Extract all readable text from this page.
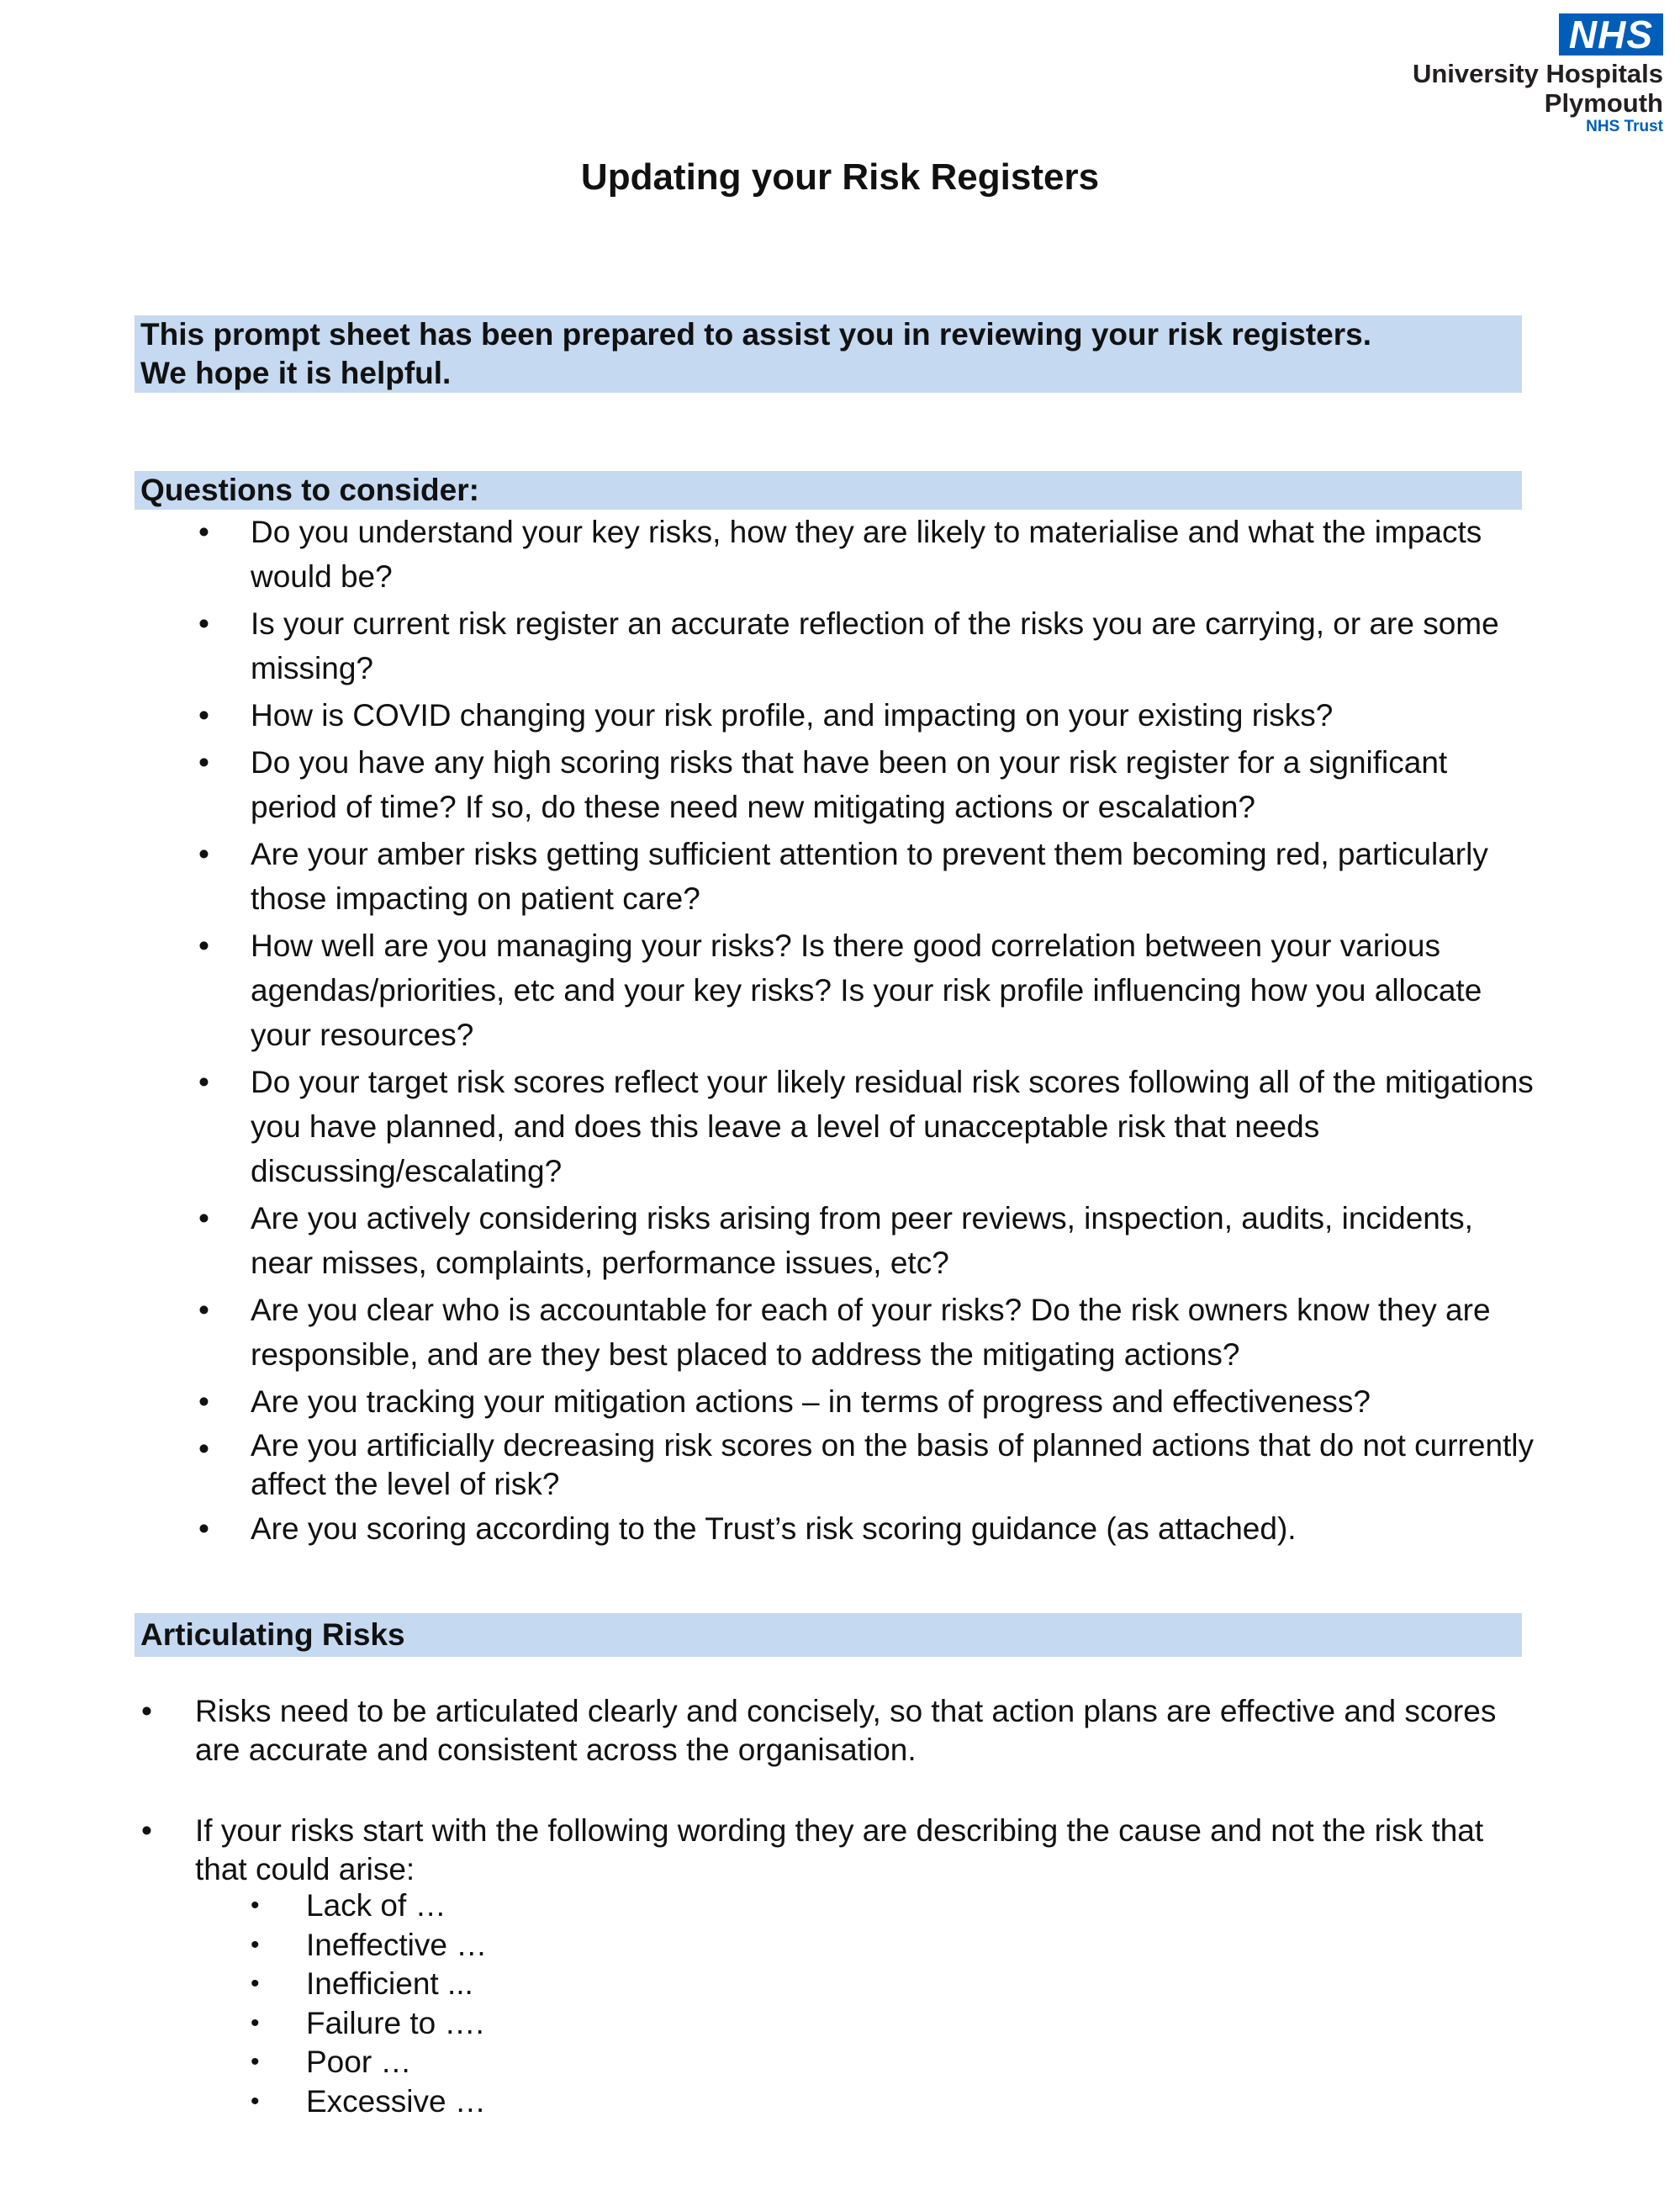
NHS
University Hospitals
Plymouth
NHS Trust
Updating your Risk Registers
This prompt sheet has been prepared to assist you in reviewing your risk registers.
We hope it is helpful.
Questions to consider:
• Do you understand your key risks, how they are likely to materialise and what the impacts would be?
• Is your current risk register an accurate reflection of the risks you are carrying, or are some missing?
• How is COVID changing your risk profile, and impacting on your existing risks?
• Do you have any high scoring risks that have been on your risk register for a significant period of time? If so, do these need new mitigating actions or escalation?
• Are your amber risks getting sufficient attention to prevent them becoming red, particularly those impacting on patient care?
• How well are you managing your risks? Is there good correlation between your various agendas/priorities, etc and your key risks? Is your risk profile influencing how you allocate your resources?
• Do your target risk scores reflect your likely residual risk scores following all of the mitigations you have planned, and does this leave a level of unacceptable risk that needs discussing/escalating?
• Are you actively considering risks arising from peer reviews, inspection, audits, incidents, near misses, complaints, performance issues, etc?
• Are you clear who is accountable for each of your risks? Do the risk owners know they are responsible, and are they best placed to address the mitigating actions?
• Are you tracking your mitigation actions – in terms of progress and effectiveness?
• Are you artificially decreasing risk scores on the basis of planned actions that do not currently affect the level of risk?
• Are you scoring according to the Trust’s risk scoring guidance (as attached).
Articulating Risks
• Risks need to be articulated clearly and concisely, so that action plans are effective and scores are accurate and consistent across the organisation.
• If your risks start with the following wording they are describing the cause and not the risk that that could arise:
• Lack of …
• Ineffective …
• Inefficient ...
• Failure to ….
• Poor …
• Excessive …
